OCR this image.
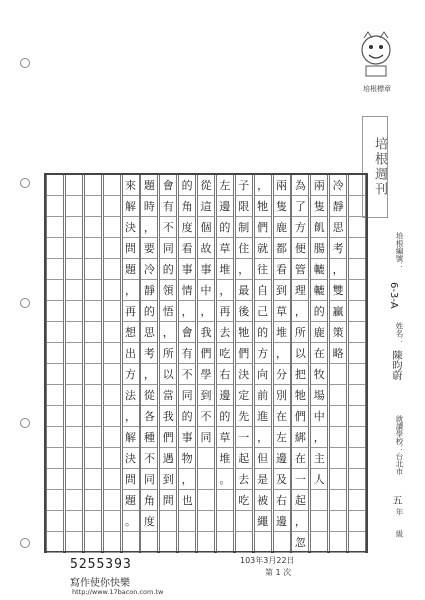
培根標章
培根週刊
培根編號：
6-3-A
姓名：
陳昀蔚
就讀學校：台北市
五
年
級
冷
靜
思
考
，
雙
贏
策
略
兩
隻
飢
腸
轆
轆
的
鹿
在
牧
場
中
，
主
人
為
了
方
便
管
理
，
所
以
把
牠
們
綁
在
一
起
，
忽
兩
隻
鹿
都
看
到
草
堆
，
分
別
在
左
邊
及
右
邊
，
牠
們
就
往
自
己
的
方
向
前
進
，
但
是
被
繩
子
限
制
住
，
最
後
牠
們
決
定
先
一
起
去
吃
左
邊
的
草
堆
，
再
去
吃
右
邊
的
草
堆
。
從
這
個
故
事
中
，
我
們
學
到
不
同
的
角
度
看
事
情
，
會
有
不
同
的
事
物
，
也
會
有
不
同
的
領
悟
，
所
以
當
我
們
遇
到
問
題
時
，
要
冷
靜
的
思
考
，
從
各
種
不
同
角
度
來
解
決
問
題
，
再
想
出
方
法
，
解
決
問
題
。
5255393
寫作使你快樂
http://www.17bacon.com.tw
103年3月22日
第 1 次
